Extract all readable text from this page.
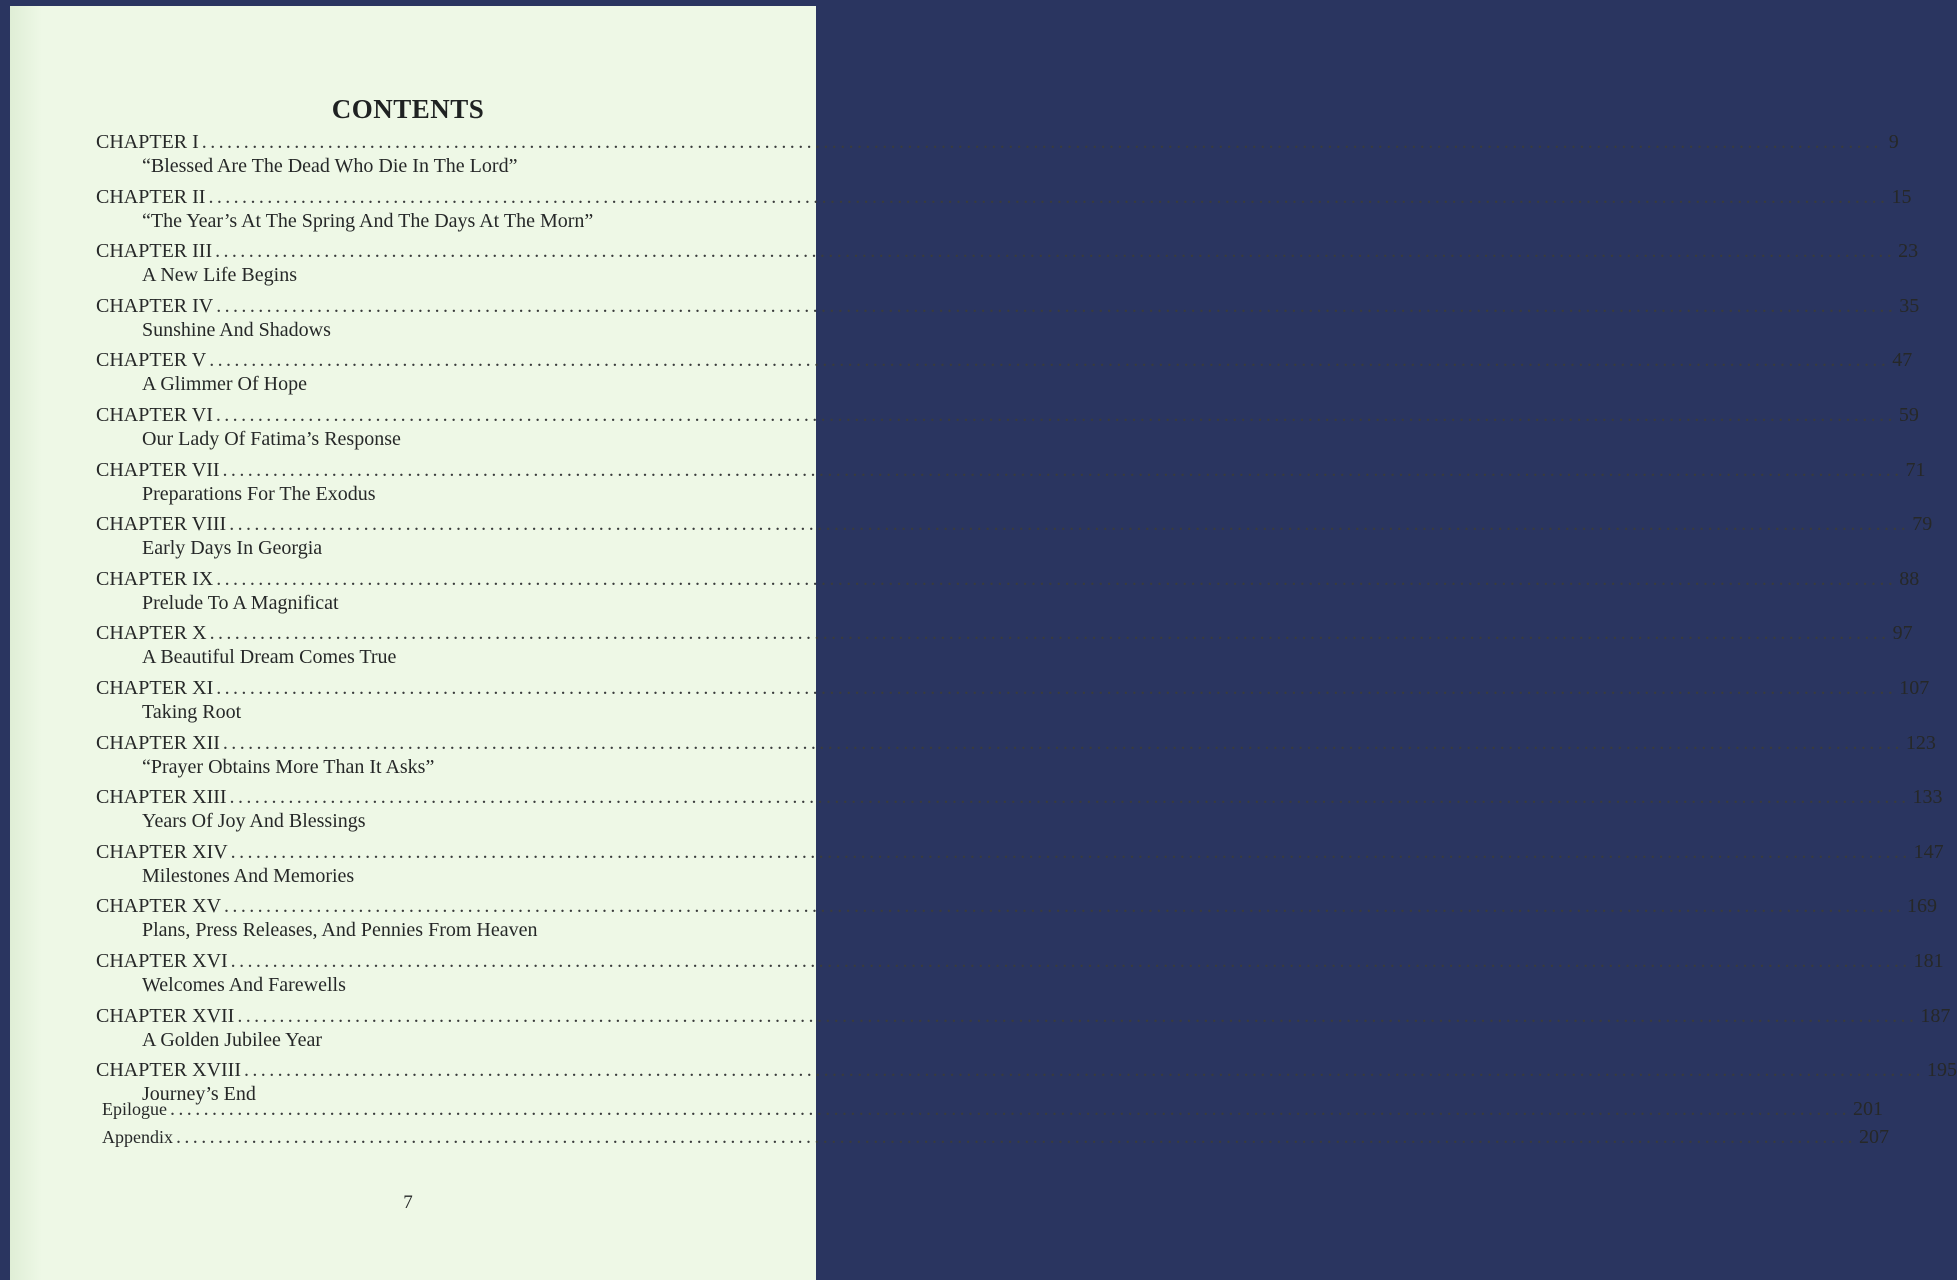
CONTENTS
CHAPTER I ........................................................................................................................................................................................................ 9
“Blessed Are The Dead Who Die In The Lord”
CHAPTER II ........................................................................................................................................................................................................ 15
“The Year’s At The Spring And The Days At The Morn”
CHAPTER III ........................................................................................................................................................................................................ 23
A New Life Begins
CHAPTER IV ........................................................................................................................................................................................................ 35
Sunshine And Shadows
CHAPTER V ........................................................................................................................................................................................................ 47
A Glimmer Of Hope
CHAPTER VI ........................................................................................................................................................................................................ 59
Our Lady Of Fatima’s Response
CHAPTER VII ........................................................................................................................................................................................................ 71
Preparations For The Exodus
CHAPTER VIII ........................................................................................................................................................................................................ 79
Early Days In Georgia
CHAPTER IX ........................................................................................................................................................................................................ 88
Prelude To A Magnificat
CHAPTER X ........................................................................................................................................................................................................ 97
A Beautiful Dream Comes True
CHAPTER XI ........................................................................................................................................................................................................ 107
Taking Root
CHAPTER XII ........................................................................................................................................................................................................ 123
“Prayer Obtains More Than It Asks”
CHAPTER XIII ........................................................................................................................................................................................................ 133
Years Of Joy And Blessings
CHAPTER XIV ........................................................................................................................................................................................................ 147
Milestones And Memories
CHAPTER XV ........................................................................................................................................................................................................ 169
Plans, Press Releases, And Pennies From Heaven
CHAPTER XVI ........................................................................................................................................................................................................ 181
Welcomes And Farewells
CHAPTER XVII ........................................................................................................................................................................................................ 187
A Golden Jubilee Year
CHAPTER XVIII ........................................................................................................................................................................................................ 195
Journey’s End
Epilogue ........................................................................................................................................................................................................ 201
Appendix ........................................................................................................................................................................................................ 207
7
